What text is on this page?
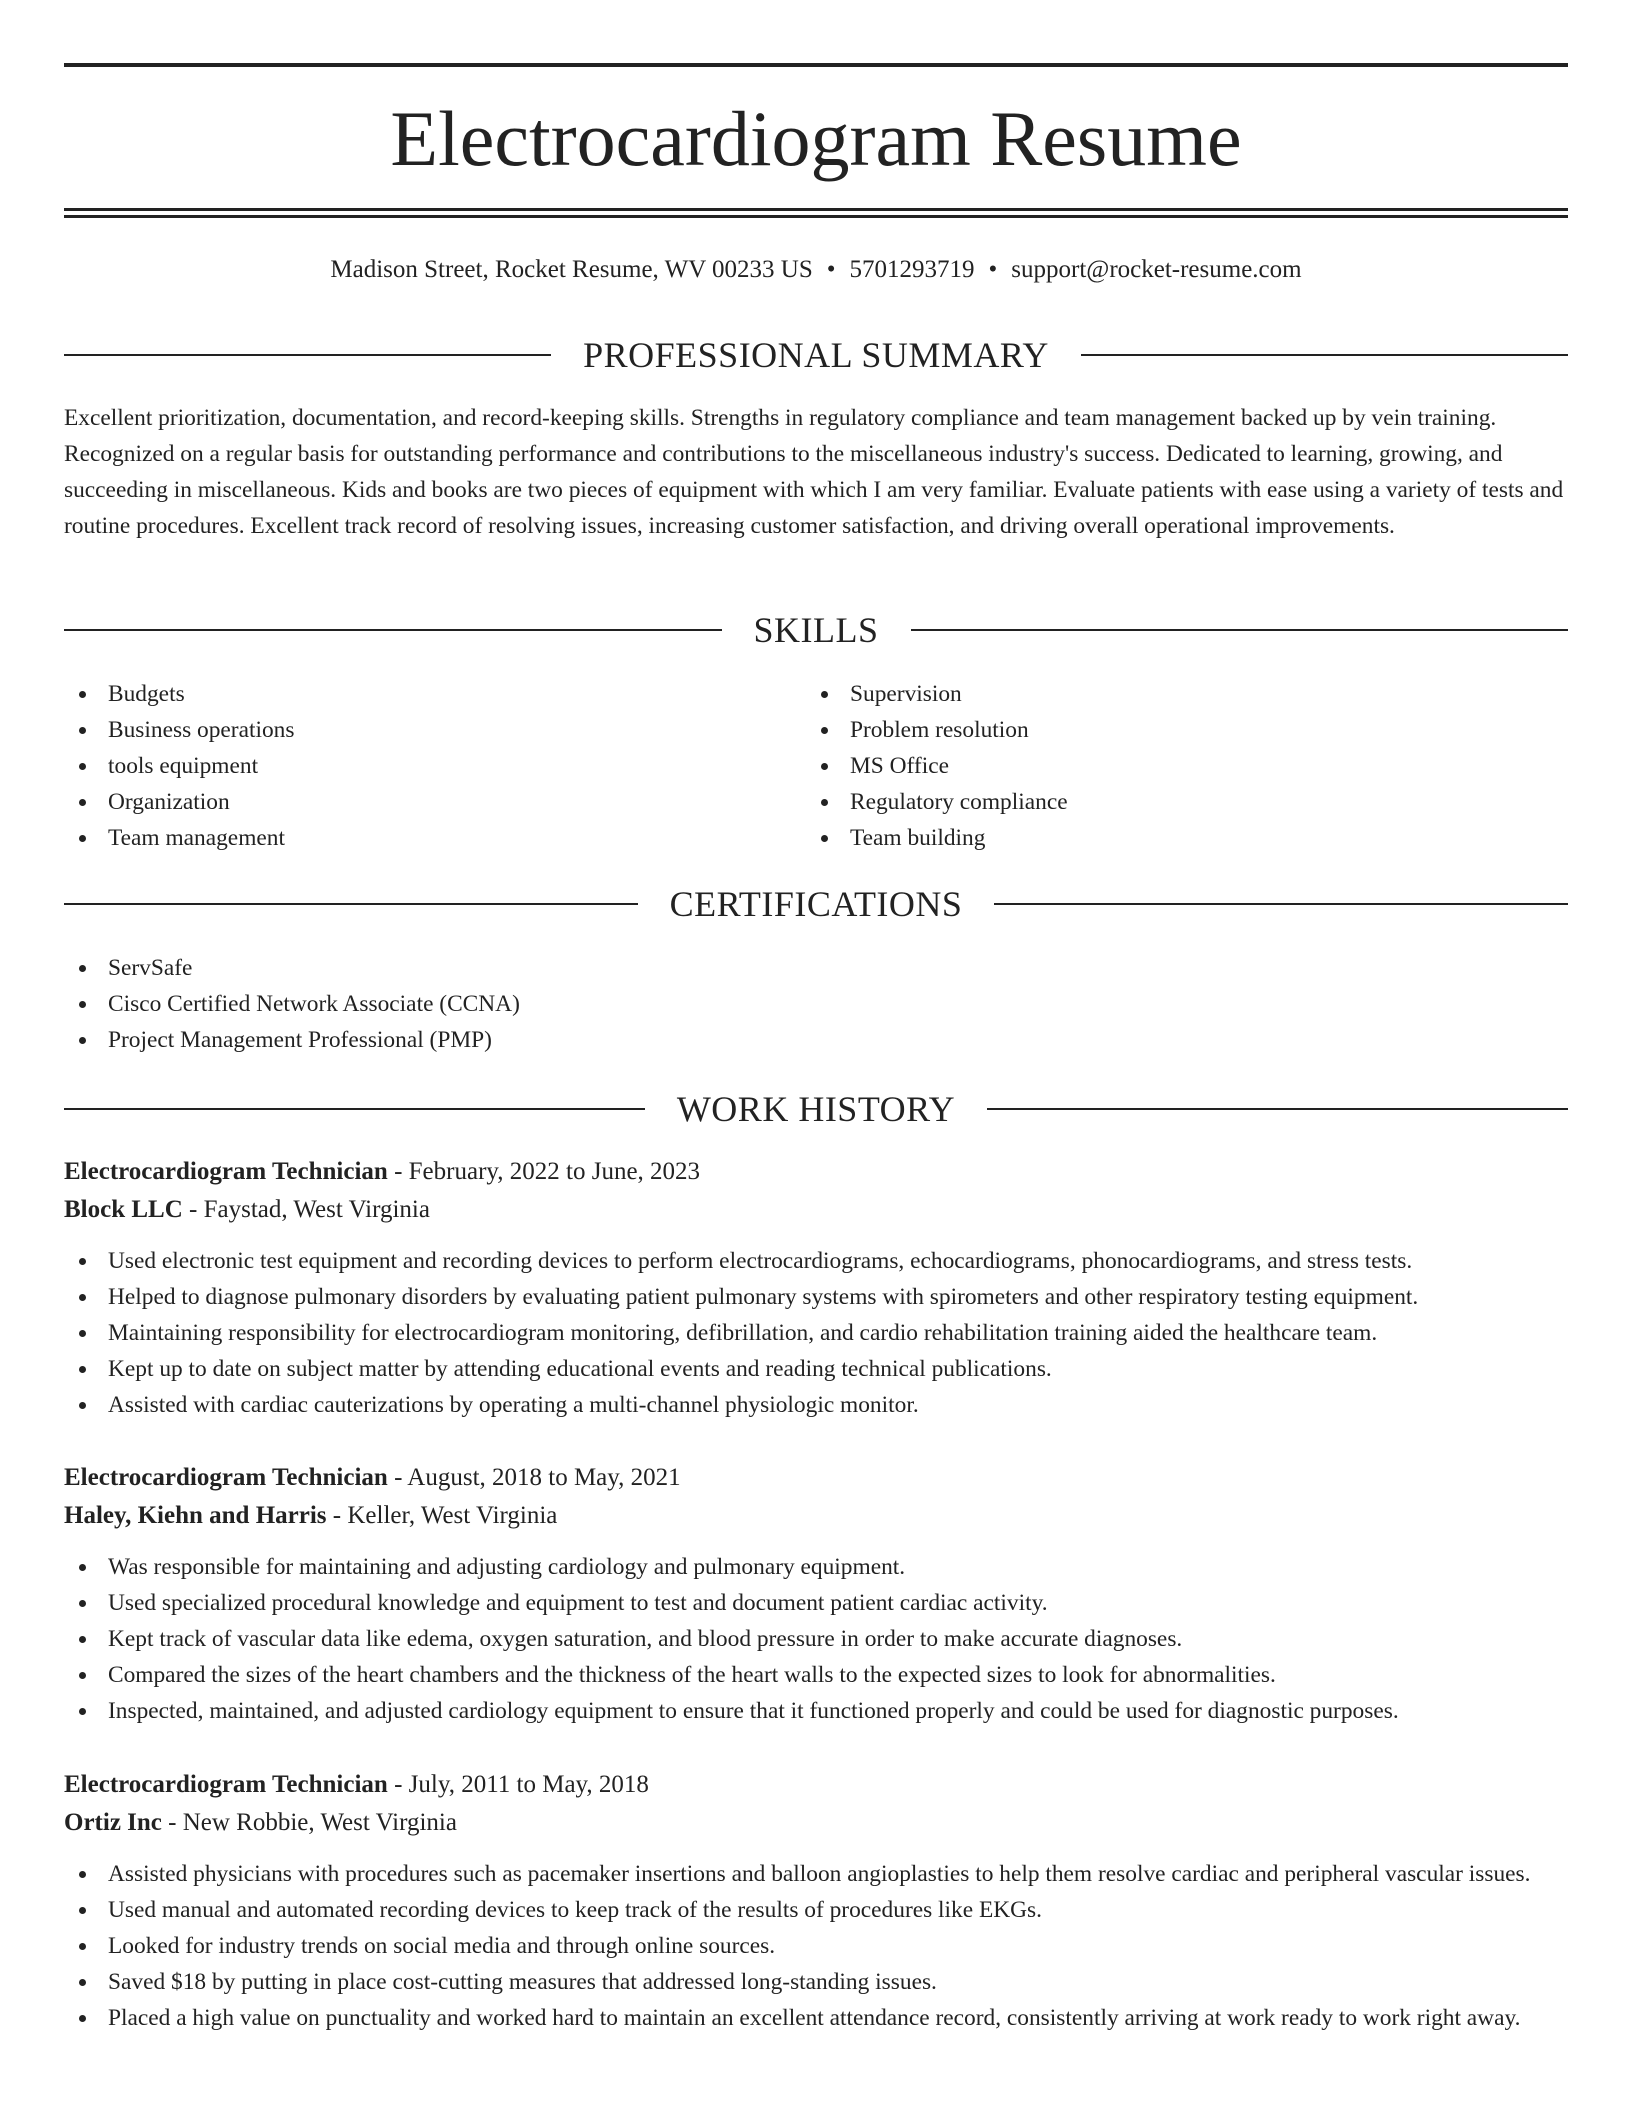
Electrocardiogram Resume
Madison Street, Rocket Resume, WV 00233 US • 5701293719 • support@rocket-resume.com
PROFESSIONAL SUMMARY

Excellent prioritization, documentation, and record-keeping skills. Strengths in regulatory compliance and team management backed up by vein training. Recognized on a regular basis for outstanding performance and contributions to the miscellaneous industry's success. Dedicated to learning, growing, and succeeding in miscellaneous. Kids and books are two pieces of equipment with which I am very familiar. Evaluate patients with ease using a variety of tests and routine procedures. Excellent track record of resolving issues, increasing customer satisfaction, and driving overall operational improvements.

SKILLS
Budgets
Business operations
tools equipment
Organization
Team management
Supervision
Problem resolution
MS Office
Regulatory compliance
Team building
CERTIFICATIONS
ServSafe
Cisco Certified Network Associate (CCNA)
Project Management Professional (PMP)
WORK HISTORY
Electrocardiogram Technician - February, 2022 to June, 2023
Block LLC - Faystad, West Virginia
Used electronic test equipment and recording devices to perform electrocardiograms, echocardiograms, phonocardiograms, and stress tests.
Helped to diagnose pulmonary disorders by evaluating patient pulmonary systems with spirometers and other respiratory testing equipment.
Maintaining responsibility for electrocardiogram monitoring, defibrillation, and cardio rehabilitation training aided the healthcare team.
Kept up to date on subject matter by attending educational events and reading technical publications.
Assisted with cardiac cauterizations by operating a multi-channel physiologic monitor.
Electrocardiogram Technician - August, 2018 to May, 2021
Haley, Kiehn and Harris - Keller, West Virginia
Was responsible for maintaining and adjusting cardiology and pulmonary equipment.
Used specialized procedural knowledge and equipment to test and document patient cardiac activity.
Kept track of vascular data like edema, oxygen saturation, and blood pressure in order to make accurate diagnoses.
Compared the sizes of the heart chambers and the thickness of the heart walls to the expected sizes to look for abnormalities.
Inspected, maintained, and adjusted cardiology equipment to ensure that it functioned properly and could be used for diagnostic purposes.
Electrocardiogram Technician - July, 2011 to May, 2018
Ortiz Inc - New Robbie, West Virginia
Assisted physicians with procedures such as pacemaker insertions and balloon angioplasties to help them resolve cardiac and peripheral vascular issues.
Used manual and automated recording devices to keep track of the results of procedures like EKGs.
Looked for industry trends on social media and through online sources.
Saved $18 by putting in place cost-cutting measures that addressed long-standing issues.
Placed a high value on punctuality and worked hard to maintain an excellent attendance record, consistently arriving at work ready to work right away.
